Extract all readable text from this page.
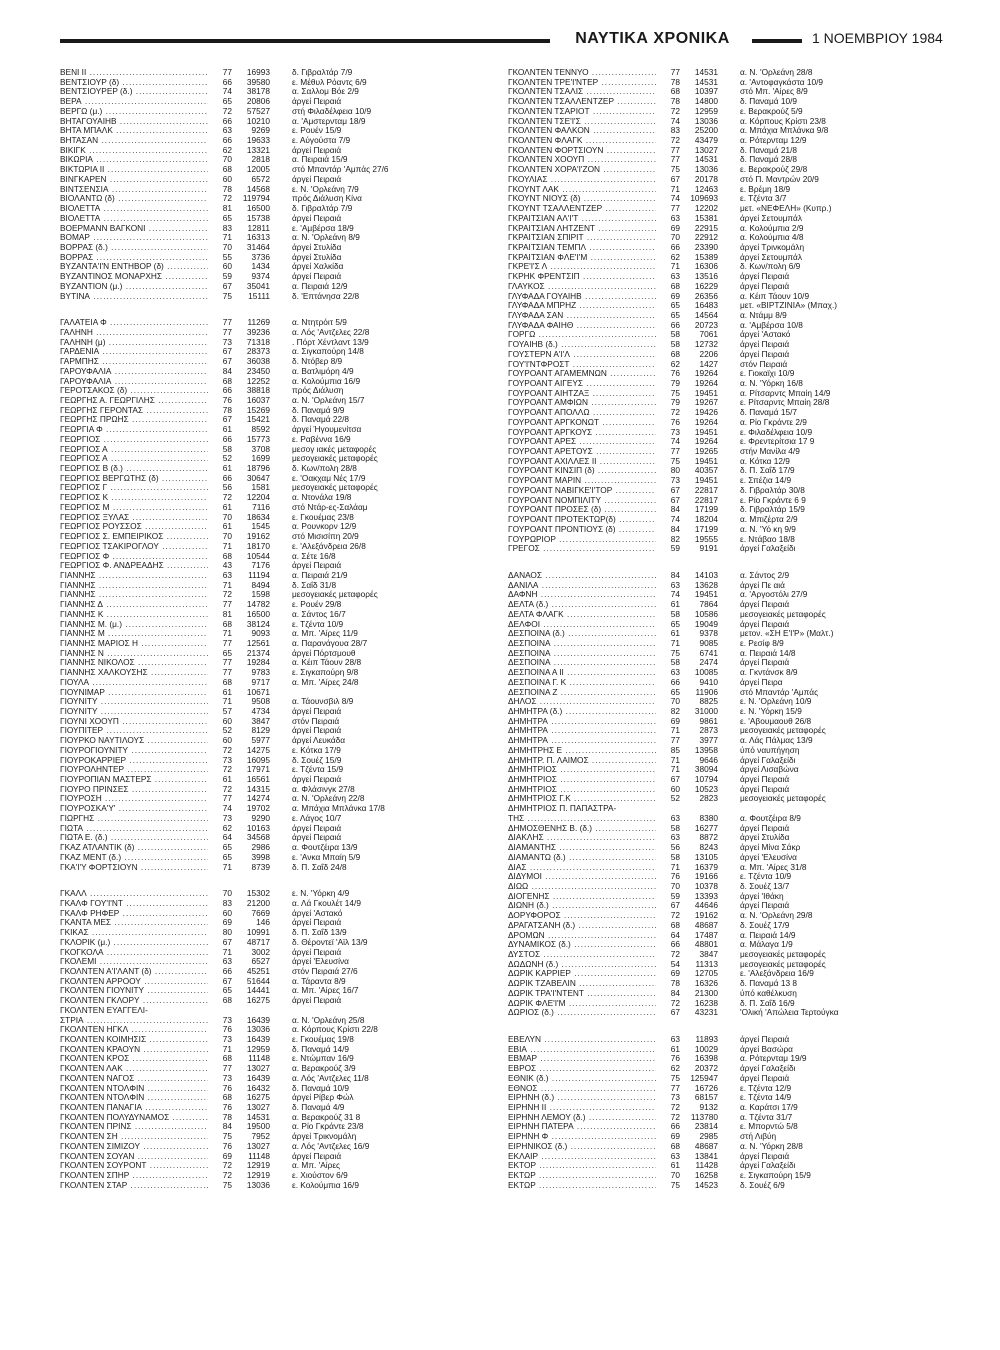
ΝΑΥΤΙΚΑ ΧΡΟΝΙΚΑ	1 ΝΟΕΜΒΡΙΟΥ 1984
BENI II .....	77	16993	δ. Γιβραλτάρ 7/9
ΒΕΝΤΣΙΟΥΡ (δ) .....	66	39580	ε. Μέθυλ Ρόαντς 6/9
ΒΕΝΤΣΙΟΥΡΕΡ (δ.) .....	74	38178	α. Σαλλομ Βόε 2/9
ΒΕΡΑ .....	65	20806	άργεί Πειραιά
ΒΕΡΓΩ (μ.) .....	72	57527	στή Φιλαδέλφεια 10/9
ΒΗΤΑΓΟΥΑΙΗΒ .....	66	10210	α. 'Αμστερνταμ 18/9
ΒΗΤΑ ΜΠΑΛΚ .....	63	9269	ε. Ρουέν 15/9
ΒΗΤΑΣΑΝ .....	66	19633	ε. Αύγούστα 7/9
ΒΙΚΙΓΚ .....	62	13321	άργεί Πειραιά
ΒΙΚΩΡΙΑ .....	70	2818	α. Πειραιά 15/9
ΒΙΚΤΩΡΙΑ II .....	68	12005	στό Μπαντάρ 'Αμπάς 27/6
ΒΙΝΓΚΑΡΕΝ .....	60	6572	άργεί Πειραιά
ΒΙΝΤΣΕΝΣΙΑ .....	78	14568	ε. Ν. 'Ορλεάνη 7/9
ΒΙΟΛΑΝΤΩ (δ) .....	72	119794	πρός Διάλυση Κίνα
ΒΙΟΛΕΤΤΑ .....	81	16500	δ. Γιβραλτάρ 7/9
ΒΙΟΛΕΤΤΑ .....	65	15738	άργεί Πειραιά
ΒΟΕΡΜΑΝΝ ΒΑΓΚΟΝΙ .....	83	12811	ε. 'Αμβέρσα 18/9
ΒΟΜΑΡ .....	71	16313	α. Ν. 'Ορλεάνη 8/9
ΒΟΡΡΑΣ (δ.) .....	70	31464	άργεί Στυλίδα
ΒΟΡΡΑΣ .....	55	3736	άργεί Στυλίδα
ΒΥΖΑΝΤΑ'Ι'Ν ΕΝΤΗΒΟΡ (δ) .....	60	1434	άργεί Χαλκίδα
ΒΥΖΑΝΤΙΝΟΣ ΜΟΝΑΡΧΗΣ .....	59	9374	άργεί Πειραιά
ΒΥΖΑΝΤΙΟΝ (μ.) .....	67	35041	α. Πειραιά 12/9
ΒΥΤΙΝΑ .....	75	15111	δ. 'Επτάνησα 22/8
ΓΑΛΑΤΕΙΑ Φ .....	77	11269	α. Ντητρόιτ 5/9
ΓΑΛΗΝΗ .....	77	39236	α. Λός 'Αντζελες 22/8
ΓΑΛΗΝΗ (μ) .....	73	71318	. Πόρτ Χέντλαντ 13/9
ΓΑΡΔΕΝΙΑ .....	67	28373	α. Σιγκαπούρη 14/8
ΓΑΡΜΠΗΣ .....	67	36038	δ. Ντόβερ 8/9
ΓΑΡΟΥΦΑΛΙΑ .....	84	23450	α. Βατλιμόρη 4/9
ΓΑΡΟΥΦΑΛΙΑ .....	68	12252	α. Κολούμπια 16/9
ΓΕΡΟΤΣΑΚΟΣ (δ) .....	66	38818	πρός Διάλυση
ΓΕΩΡΓΗΣ Α. ΓΕΩΡΓΙΛΗΣ .....	76	16037	α. Ν. 'Ορλεάνη 15/7
ΓΕΩΡΓΗΣ ΓΕΡΟΝΤΑΣ .....	78	15269	δ. Παναμά 9/9
ΓΕΩΡΓΗΣ ΠΡΩΗΣ .....	67	15421	δ. Παναμά 22/8
ΓΕΩΡΓΙΑ Φ .....	61	8592	άργεί Ήγουμενίτσα
ΓΕΩΡΓΙΟΣ .....	66	15773	ε. Ραβέννα 16/9
ΓΕΩΡΓΙΟΣ Α .....	58	3708	μεσογ ιακές μεταφορές
ΓΕΩΡΓΙΟΣ Α .....	52	1699	μεσογειακές μεταφορές
ΓΕΩΡΓΙΟΣ Β (δ.) .....	61	18796	δ. Κων/πολη 28/8
ΓΕΩΡΓΙΟΣ ΒΕΡΓΩΤΗΣ (δ) .....	66	30647	ε. 'Οακχαμ Νές 17/9
ΓΕΩΡΓΙΟΣ Γ .....	56	1581	μεσογειακές μεταφορές
ΓΕΩΡΓΙΟΣ Κ .....	72	12204	α. Ντονάλα 19/8
ΓΕΩΡΓΙΟΣ Μ .....	61	7116	στό Ντάρ-ες-Σαλάαμ
ΓΕΩΡΓΙΟΣ ΞΥΛΑΣ .....	70	18634	ε. Γκουέμας 23/8
ΓΕΩΡΓΙΟΣ ΡΟΥΣΣΟΣ .....	61	1545	α. Ρουνκορν 12/9
ΓΕΩΡΓΙΟΣ Σ. ΕΜΠΕΙΡΙΚΟΣ .....	70	19162	στό Μισισίπη 20/9
ΓΕΩΡΓΙΟΣ ΤΣΑΚΙΡΟΓΛΟΥ .....	71	18170	ε. 'Αλεξάνδρεια 26/8
ΓΕΩΡΓΙΟΣ Φ .....	68	10544	α. Σέτε 16/8
ΓΕΩΡΓΙΟΣ Φ. ΑΝΔΡΕΑΔΗΣ .....	43	7176	άργεί Πειραιά
ΓΙΑΝΝΗΣ .....	63	11194	α. Πειραιά 21/9
ΓΙΑΝΝΗΣ .....	71	8494	δ. Σαΐδ 31/8
ΓΙΑΝΝΗΣ .....	72	1598	μεσογειακές μεταφορές
ΓΙΑΝΝΗΣ Δ .....	77	14782	ε. Ρουέν 29/8
ΓΙΑΝΝΗΣ Κ .....	81	16500	α. Σάντος 16/7
ΓΙΑΝΝΗΣ Μ. (μ.) .....	68	38124	ε. Τζέντα 10/9
ΓΙΑΝΝΗΣ Μ .....	71	9093	α. Μπ. 'Αίρες 11/9
ΓΙΑΝΝΗΣ ΜΑΡΙΟΣ Η .....	77	12561	α. Παρανάγουα 28/7
ΓΙΑΝΝΗΣ Ν .....	65	21374	άργεί Πόρτσμουθ
ΓΙΑΝΝΗΣ ΝΙΚΟΛΟΣ .....	77	19284	α. Κέιπ Τάουν 28/8
ΓΙΑΝΝΗΣ ΧΑΛΚΟΥΣΗΣ .....	77	9783	ε. Σιγκαπούρη 9/8
ΓΙΟΥΛΑ .....	68	9717	α. Μπ. 'Αίρες 24/8
ΓΙΟΥΝΙΜΑΡ .....	61	10671
ΓΙΟΥΝΙΤΥ .....	71	9508	α. Τάουνσβιλ 8/9
ΓΙΟΥΝΙΤΥ .....	57	4734	άργεί Πειραιά
ΓΙΟΥΝΙ ΧΟΟΥΠ .....	60	3847	στόν Πειραιά
ΓΙΟΥΠΙΤΕΡ .....	52	8129	άργεί Πειραιά
ΓΙΟΥΡΚΟ ΝΑΥΤΙΛΟΥΣ .....	60	5977	άργεί Λευκάδα
ΓΙΟΥΡΟΓΙΟΥΝΙΤΥ .....	72	14275	ε. Κότκα 17/9
ΓΙΟΥΡΟΚΑΡΡΙΕΡ .....	73	16095	δ. Σουέζ 15/9
ΓΙΟΥΡΟΛΗΝΤΕΡ .....	72	17971	ε. Τζέντα 15/9
ΓΙΟΥΡΟΠΙΑΝ ΜΑΣΤΕΡΣ .....	61	16561	άργεί Πειραιά
ΓΙΟΥΡΟ ΠΡΙΝΣΕΣ .....	72	14315	α. Φλάσινγκ 27/8
ΓΙΟΥΡΟΣΗ .....	77	14274	α. Ν. 'Ορλεάνη 22/8
ΓΙΟΥΡΟΣΚΑ'Υ' .....	74	19702	α. Μπάχια Μπλάνκα 17/8
ΓΙΩΡΓΗΣ .....	73	9290	ε. Λάγος 10/7
ΓΙΩΤΑ .....	62	10163	άργεί Πειραιά
ΓΙΩΤΑ Ε. (δ.) .....	64	34568	άργεί Πειραιά
ΓΚΑΖ ΑΤΛΑΝΤΙΚ (δ) .....	65	2986	α. Φουτζέιρα 13/9
ΓΚΑΖ ΜΕΝΤ (δ.) .....	65	3998	ε. 'Ανκα Μπαίη 5/9
ΓΚΑ'Ι'Υ ΦΟΡΤΣΙΟΥΝ .....	71	8739	δ. Π. Σαΐδ 24/8
ΓΚΑΛΛ .....	70	15302	ε. Ν. 'Υόρκη 4/9
ΓΚΑΛΦ ΓΟΥ'Ι'ΝΤ .....	83	21200	α. Λά Γκουλέτ 14/9
ΓΚΑΛΦ ΡΗΦΕΡ .....	60	7669	άργεί 'Αστακό
ΓΚΑΝΤΑ ΜΕΣ .....	69	146	άργεί Πειραιά
ΓΚΙΚΑΣ .....	80	10991	δ. Π. Σαΐδ 13/9
ΓΚΛΟΡΙΚ (μ.) .....	67	48717	δ. Θέροντεϊ 'Αϊλ 13/9
ΓΚΟΓΚΟΛΑ .....	71	3002	άργεί Πειραιά
ΓΚΟΛΕΜΙ .....	63	6527	άργεί 'Ελευσίνα
ΓΚΟΛΝΤΕΝ Α'Ι'ΛΑΝΤ (δ) .....	66	45251	στόν Πειραιά 27/6
ΓΚΟΛΝΤΕΝ ΑΡΡΟΟΥ .....	67	51644	α. Τάραντα 8/9
ΓΚΟΛΝΤΕΝ ΓΙΟΥΝΙΤΥ .....	65	14441	α. Μπ. 'Αίρες 16/7
ΓΚΟΛΝΤΕΝ ΓΚΛΟΡΥ .....	68	16275	άργεί Πειραιά
ΓΚΟΛΝΤΕΝ ΕΥΑΓΓΕΛΙ-
ΣΤΡΙΑ .....	73	16439	α. Ν. 'Ορλεάνη 25/8
ΓΚΟΛΝΤΕΝ ΗΓΚΛ .....	76	13036	α. Κόρπους Κρίστι 22/8
ΓΚΟΛΝΤΕΝ ΚΟΙΜΗΣΙΣ .....	73	16439	ε. Γκουέμας 19/8
ΓΚΟΛΝΤΕΝ ΚΡΑΟΥΝ .....	71	12959	δ. Παναμά 14/9
ΓΚΟΛΝΤΕΝ ΚΡΟΣ .....	68	11148	ε. Ντώμπαν 16/9
ΓΚΟΛΝΤΕΝ ΛΑΚ .....	77	13027	α. Βερακρούζ 3/9
ΓΚΟΛΝΤΕΝ ΝΑΓΟΣ .....	73	16439	α. Λός 'Αντζελες 11/8
ΓΚΟΛΝΤΕΝ ΝΤΟΛΦΙΝ .....	76	16432	δ. Παναμά 10/9
ΓΚΟΛΝΤΕΝ ΝΤΟΛΦΙΝ .....	68	16275	άργεί Ρίβερ Φώλ
ΓΚΟΛΝΤΕΝ ΠΑΝΑΓΙΑ .....	76	13027	δ. Παναμά 4/9
ΓΚΟΛΝΤΕΝ ΠΟΛΥΔΥΝΑΜΟΣ .....	78	14531	α. Βερακρούζ 31 8
ΓΚΟΛΝΤΕΝ ΠΡΙΝΣ .....	84	19500	α. Ρίο Γκράντε 23/8
ΓΚΟΛΝΤΕΝ ΣΗ .....	75	7952	άργεί Τρικνομάλη
ΓΚΟΛΝΤΕΝ ΣΙΜΙΖΟΥ .....	76	13027	α. Λός 'Αντζελες 16/9
ΓΚΟΛΝΤΕΝ ΣΟΥΑΝ .....	69	11148	άργεί Πειραιά
ΓΚΟΛΝΤΕΝ ΣΟΥΡΟΝΤ .....	72	12919	α. Μπ. 'Αίρες
ΓΚΟΛΝΤΕΝ ΣΠΗΡ .....	72	12919	ε. Χιούστον 6/9
ΓΚΟΛΝΤΕΝ ΣΤΑΡ .....	75	13036	ε. Κολούμπια 16/9
ΓΚΟΛΝΤΕΝ ΤΕΝΝΥΟ .....	77	14531	α. Ν. 'Ορλεάνη 28/8
ΓΚΟΛΝΤΕΝ ΤΡΕ'Ι'ΝΤΕΡ .....	78	14531	α. 'Αντοφαγκάστα 10/9
ΓΚΟΛΝΤΕΝ ΤΣΑΛΙΣ .....	68	10397	στό Μπ. 'Αίρες 8/9
ΓΚΟΛΝΤΕΝ ΤΣΑΛΛΕΝΤΖΕΡ .....	78	14800	δ. Παναμά 10/9
ΓΚΟΛΝΤΕΝ ΤΣΑΡΙΟΤ .....	72	12959	ε. Βερακρούζ 5/9
ΓΚΟΛΝΤΕΝ ΤΣΕ'Ι'Σ .....	74	13036	α. Κόρπους Κρίστι 23/8
ΓΚΟΛΝΤΕΝ ΦΑΛΚΟΝ .....	83	25200	α. Μπάχια Μπλάνκα 9/8
ΓΚΟΛΝΤΕΝ ΦΛΑΓΚ .....	72	43479	α. Ρότερνταμ 12/9
ΓΚΟΛΝΤΕΝ ΦΟΡΤΣΙΟΥΝ .....	77	13027	δ. Παναμά 21/8
ΓΚΟΛΝΤΕΝ ΧΟΟΥΠ .....	77	14531	δ. Παναμά 28/8
ΓΚΟΛΝΤΕΝ ΧΟΡΑ'Ι'ΖΟΝ .....	75	13036	ε. Βερακρούζ 29/8
ΓΚΟΥΛΙΑΣ .....	67	20178	στό Π. Μαντρών 20/9
ΓΚΟΥΝΤ ΛΑΚ .....	71	12463	ε. Βρέμη 18/9
ΓΚΟΥΝΤ ΝΙΟΥΣ (δ) .....	74	109693	ε. Τζέντα 3/7
ΓΚΟΥΝΤ ΤΣΑΛΛΕΝΤΖΕΡ .....	77	12202	μετ. «ΝΕΦΕΛΗ» (Κυπρ.)
ΓΚΡΑΙΤΣΙΑΝ ΑΛ'Ι'Τ .....	63	15381	άργεί Σετουμπάλ
ΓΚΡΑΙΤΣΙΑΝ ΛΗΤΖΕΝΤ .....	69	22915	α. Κολούμπια 2/9
ΓΚΡΑΙΤΣΙΑΝ ΣΠΙΡΙΤ .....	70	22912	α. Κολούμπια 4/8
ΓΚΡΑΙΤΣΙΑΝ ΤΕΜΠΛ .....	66	23390	άργεί Τρινκομάλη
ΓΚΡΑΙΤΣΙΑΝ ΦΛΕ'Ι'Μ .....	62	15389	άργεί Σετουμπάλ
ΓΚΡΕ'Ι'Σ Λ .....	71	16306	δ. Κων/πολη 6/9
ΓΚΡΗΚ ΦΡΕΝΤΣΙΠ .....	63	13516	άργεί Πειραιά
ΓΛΑΥΚΟΣ .....	68	16229	άργεί Πειραιά
ΓΛΥΦΑΔΑ ΓΟΥΑΙΗΒ .....	69	26356	α. Κέιπ Τάουν 10/9
ΓΛΥΦΑΔΑ ΜΠΡΗΖ .....	65	16483	μετ. «ΒΙΡΤΖΙΝΙΑ» (Μπαχ.)
ΓΛΥΦΑΔΑ ΣΑΝ .....	65	14564	α. Ντάμμ 8/9
ΓΛΥΦΑΔΑ ΦΑΙΗΘ .....	66	20723	α. 'Αμβέρσα 10/8
ΓΟΡΓΩ .....	58	7061	άργεί 'Αστακό
ΓΟΥΑΙΗΒ (δ.) .....	58	12732	άργεί Πειραιά
ΓΟΥΣΤΕΡΝ Α'Ι'Λ .....	68	2206	άργεί Πειραιά
ΓΟΥ'Ι'ΝΤΦΡΟΣΤ .....	62	1427	στόν Πειραιά
ΓΟΥΡΟΑΝΤ ΑΓΑΜΕΜΝΩΝ .....	76	19264	ε. Γιοκαϊχι 10/9
ΓΟΥΡΟΑΝΤ ΑΙΓΕΥΣ .....	79	19264	α. Ν. 'Υόρκη 16/8
ΓΟΥΡΟΑΝΤ ΑΙΗΤΖΑΞ .....	75	19451	α. Ρίτσαρντς Μπαίη 14/9
ΓΟΥΡΟΑΝΤ ΑΜΦΙΩΝ .....	79	19267	ε. Ρίτσαρντς Μπαίη 28/8
ΓΟΥΡΟΑΝΤ ΑΠΟΛΛΩ .....	72	19426	δ. Παναμά 15/7
ΓΟΥΡΟΑΝΤ ΑΡΓΚΟΝΩΤ .....	76	19264	α. Ρίο Γκράντε 2/9
ΓΟΥΡΟΑΝΤ ΑΡΓΚΟΥΣ .....	73	19451	ε. Φιλαδέλφεια 10/9
ΓΟΥΡΟΑΝΤ ΑΡΕΣ .....	74	19264	ε. Φρεντερίτσια 17 9
ΓΟΥΡΟΑΝΤ ΑΡΕΤΟΥΣ .....	77	19265	στήν Μανίλα 4/9
ΓΟΥΡΟΑΝΤ ΑΧΙΛΛΕΣ II .....	75	19451	α. Κότκα 12/9
ΓΟΥΡΟΑΝΤ ΚΙΝΣΙΠ (δ) .....	80	40357	δ. Π. Σαΐδ 17/9
ΓΟΥΡΟΑΝΤ ΜΑΡΙΝ .....	73	19451	ε. Σπέζια 14/9
ΓΟΥΡΟΑΝΤ ΝΑΒΙΓΚΕ'Ι'ΤΟΡ .....	67	22817	δ. Γιβραλτάρ 30/8
ΓΟΥΡΟΑΝΤ ΝΟΜΠΙΛΙΤΥ .....	67	22817	ε. Ρίο Γκράντε 6 9
ΓΟΥΡΟΑΝΤ ΠΡΟΣΕΣ (δ) .....	84	17199	δ. Γιβραλτάρ 15/9
ΓΟΥΡΟΑΝΤ ΠΡΟΤΕΚΤΩΡ(δ) .....	74	18204	α. Μπιζέρτα 2/9
ΓΟΥΡΟΑΝΤ ΠΡΟΝΤΙΟΥΣ (δ) .....	84	17199	α. Ν. 'Υό κη 9/9
ΓΟΥΡΩΡΙΟΡ .....	82	19555	ε. Ντάβαο 18/8
ΓΡΕΓΟΣ .....	59	9191	άργεί Γαλαξείδι
ΔΑΝΑΟΣ .....	84	14103	α. Σάντος 2/9
ΔΑΝΙΛΑ .....	63	13628	άργεί Πε αιά
ΔΑΦΝΗ .....	74	19451	α. 'Αργοστόλι 27/9
ΔΕΛΤΑ (δ.) .....	61	7864	άργεί Πειραιά
ΔΕΛΤΑ ΦΛΑΓΚ .....	58	10586	μεσογειακές μεταφορές
ΔΕΛΦΟΙ .....	65	19049	άργεί Πειραιά
ΔΕΣΠΟΙΝΑ (δ.) .....	61	9378	μετον. «ΣΗ Ε'Ι'Ρ» (Μαλτ.)
ΔΕΣΠΟΙΝΑ .....	71	9085	ε. Ρεσίφ 8/9
ΔΕΣΠΟΙΝΑ .....	75	6741	α. Πειραιά 14/8
ΔΕΣΠΟΙΝΑ .....	58	2474	άργεί Πειραιά
ΔΕΣΠΟΙΝΑ Α II .....	63	10085	α. Γκντάνσκ 8/9
ΔΕΣΠΟΙΝΑ Γ. Κ .....	66	9410	άργεί Πειρα
ΔΕΣΠΟΙΝΑ Ζ .....	65	11906	στό Μπαντάρ 'Αμπάς
ΔΗΛΟΣ .....	70	8825	ε. Ν. 'Ορλεάνη 10/9
ΔΗΜΗΤΡΑ (δ.) .....	82	31000	ε. Ν. 'Υόρκη 15/9
ΔΗΜΗΤΡΑ .....	69	9861	ε. 'Αβουμαουθ 26/8
ΔΗΜΗΤΡΑ .....	71	2873	μεσογειακές μεταφορές
ΔΗΜΗΤΡΑ .....	77	3977	α. Λάς Πάλμας 13/9
ΔΗΜΗΤΡΗΣ Ε .....	85	13958	ύπό ναυπήγηση
ΔΗΜΗΤΡ. Π. ΛΑΙΜΟΣ .....	71	9646	άργεί Γαλαξείδι
ΔΗΜΗΤΡΙΟΣ .....	71	38094	άργεί Λισαβώνα
ΔΗΜΗΤΡΙΟΣ .....	67	10794	άργεί Πειραιά
ΔΗΜΗΤΡΙΟΣ .....	60	10523	άργεί Πειραιά
ΔΗΜΗΤΡΙΟΣ Γ.Κ .....	52	2823	μεσογειακές μεταφορές
ΔΗΜΗΤΡΙΟΣ Π. ΠΑΠΑΣΤΡΑ-
ΤΗΣ .....	63	8380	α. Φουτζέιρα 8/9
ΔΗΜΟΣΘΕΝΗΣ Β. (δ.) .....	58	16277	άργεί Πειραιά
ΔΙΑΚΛΗΣ .....	63	8872	άργεί Στυλίδα
ΔΙΑΜΑΝΤΗΣ .....	56	8243	άργεί Μίνα Σάκρ
ΔΙΑΜΑΝΤΩ (δ.) .....	58	13105	άργεί 'Ελευσίνα
ΔΙΑΣ .....	71	16379	α. Μπ. 'Αίρες 31/8
ΔΙΔΥΜΟΙ .....	76	19166	ε. Τζέντα 10/9
ΔΙΩΩ .....	70	10378	δ. Σουέζ 13/7
ΔΙΟΓΕΝΗΣ .....	59	13393	άργεί 'Ιθάκη
ΔΙΩΝΗ (δ.) .....	67	44646	άργεί Πειραιά
ΔΟΡΥΦΟΡΟΣ .....	72	19162	α. Ν. 'Ορλεάνη 29/8
ΔΡΑΓΑΤΣΑΝΗ (δ.) .....	68	48687	δ. Σουέζ 17/9
ΔΡΟΜΩΝ .....	64	17487	α. Πειραιά 14/9
ΔΥΝΑΜΙΚΟΣ (δ.) .....	66	48801	α. Μάλαγα 1/9
ΔΥΣΤΟΣ .....	72	3847	μεσογειακές μεταφορές
ΔΩΔΩΝΗ (δ.) .....	54	11313	μεσογειακές μεταφορές
ΔΩΡΙΚ ΚΑΡΡΙΕΡ .....	69	12705	ε. 'Αλεξάνδρεια 16/9
ΔΩΡΙΚ ΤΖΑΒΕΛΙΝ .....	78	16326	δ. Παναμά 13 8
ΔΩΡΙΚ ΤΡΑ'Ι'ΝΤΕΝΤ .....	84	21300	ύπό καθέλκυση
ΔΩΡΙΚ ΦΛΕ'Ι'Μ .....	72	16238	δ. Π. Σαΐδ 16/9
ΔΩΡΙΟΣ (δ.) .....	67	43231	'Ολική 'Απώλεια Τερτούγκα
ΕΒΕΛΥΝ .....	63	11893	άργεί Πειραιά
ΕΒΙΑ .....	61	10029	άργεί Βασώρα
ΕΒΜΑΡ .....	76	16398	α. Ρότερνταμ 19/9
ΕΒΡΟΣ .....	62	20372	άργεί Γαλαξείδι
ΕΘΝΙΚ (δ.) .....	75	125947	άργεί Πειραιά
ΕΘΝΟΣ .....	77	16726	ε. Τζέντα 12/9
ΕΙΡΗΝΗ (δ.) .....	73	68157	ε. Τζέντα 14/9
ΕΙΡΗΝΗ II .....	72	9132	α. Καράτσι 17/9
ΕΙΡΗΝΗ ΛΕΜΟΥ (δ.) .....	72	113780	α. Τζέντα 31/7
ΕΙΡΗΝΗ ΠΑΤΕΡΑ .....	66	23814	ε. Μπορντώ 5/8
ΕΙΡΗΝΗ Φ .....	69	2985	στή Λιβύη
ΕΙΡΗΝΙΚΟΣ (δ.) .....	68	48687	α. Ν. 'Υόρκη 28/8
ΕΚΛΑΙΡ .....	63	13841	άργεί Πειραιά
ΕΚΤΟΡ .....	61	11428	άργεί Γαλαξείδι
ΕΚΤΩΡ .....	70	16258	ε. Σιγκαπούρη 15/9
ΕΚΤΩΡ .....	75	14523	δ. Σουέζ 6/9
